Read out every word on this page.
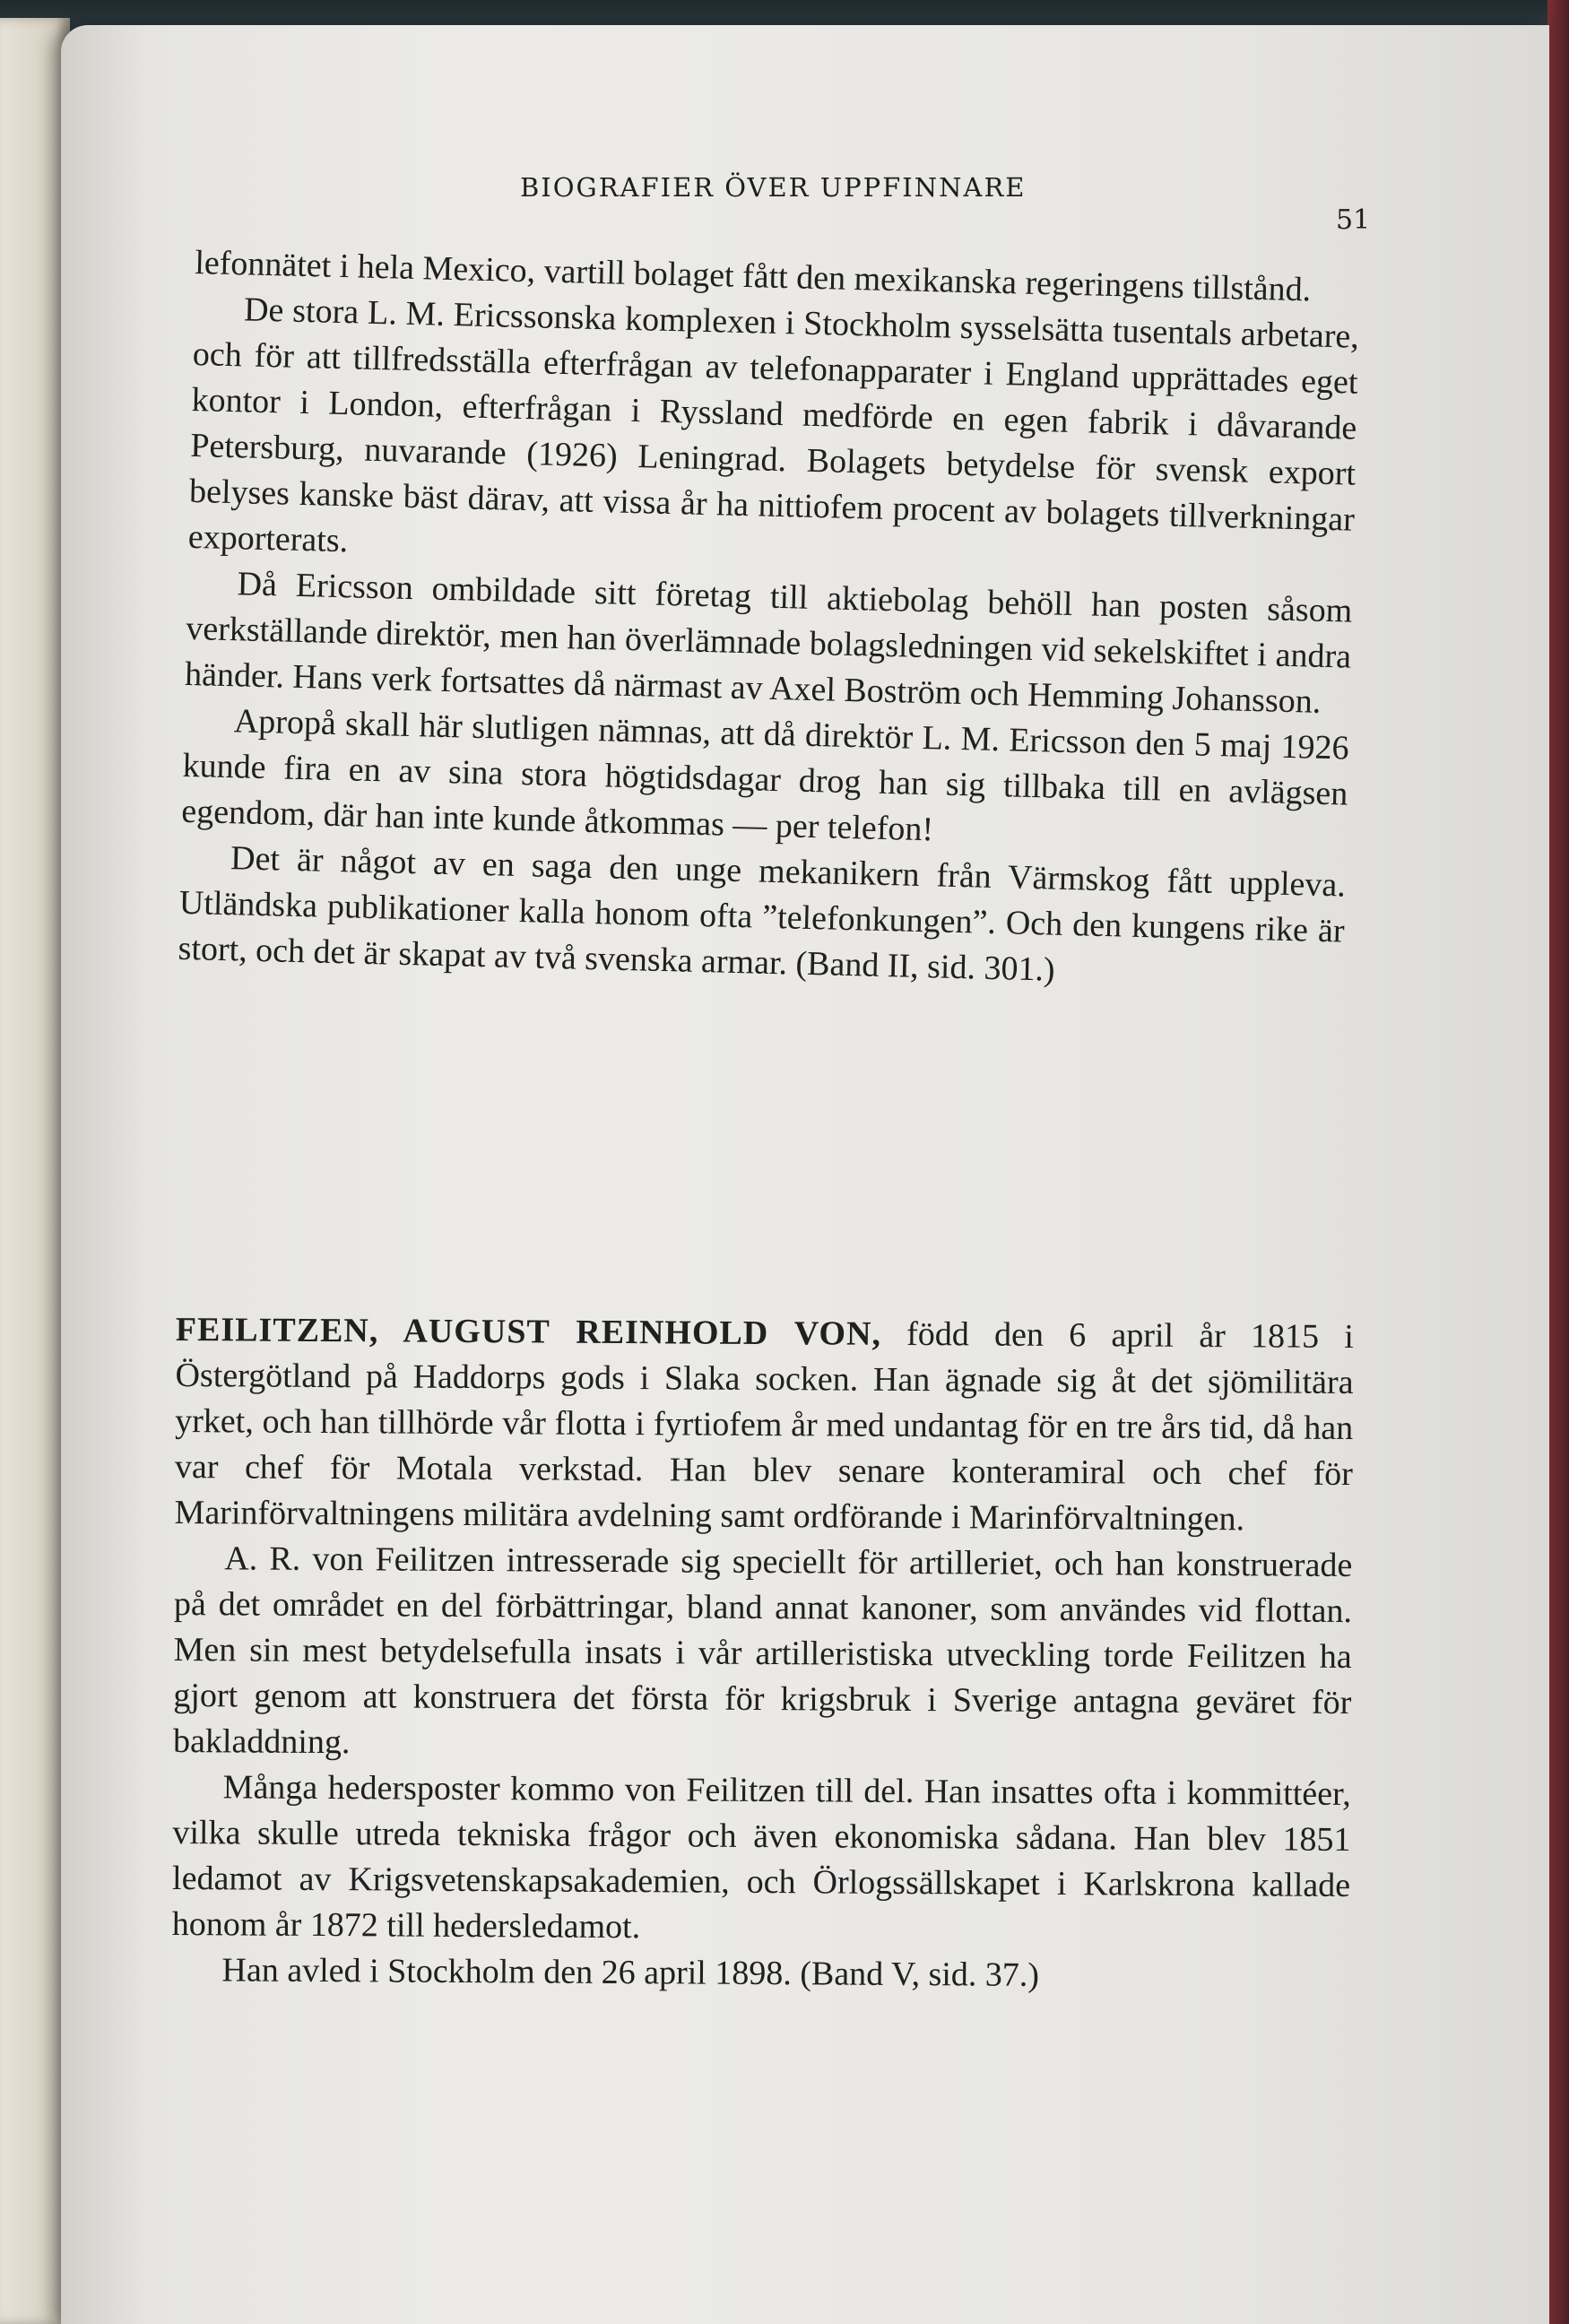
BIOGRAFIER ÖVER UPPFINNARE
51

lefonnätet i hela Mexico, vartill bolaget fått den mexikanska regeringens tillstånd.

De stora L. M. Ericssonska komplexen i Stockholm sysselsätta tusentals arbetare, och för att tillfredsställa efterfrågan av telefonapparater i England upprättades eget kontor i London, efterfrågan i Ryssland medförde en egen fabrik i dåvarande Petersburg, nuvarande (1926) Leningrad. Bolagets betydelse för svensk export belyses kanske bäst därav, att vissa år ha nittiofem procent av bolagets tillverkningar exporterats.

Då Ericsson ombildade sitt företag till aktiebolag behöll han posten såsom verkställande direktör, men han överlämnade bolagsledningen vid sekelskiftet i andra händer. Hans verk fortsattes då närmast av Axel Boström och Hemming Johansson.

Apropå skall här slutligen nämnas, att då direktör L. M. Ericsson den 5 maj 1926 kunde fira en av sina stora högtidsdagar drog han sig tillbaka till en avlägsen egendom, där han inte kunde åtkommas — per telefon!

Det är något av en saga den unge mekanikern från Värmskog fått uppleva. Utländska publikationer kalla honom ofta ”telefonkungen”. Och den kungens rike är stort, och det är skapat av två svenska armar. (Band II, sid. 301.)

FEILITZEN, AUGUST REINHOLD VON, född den 6 april år 1815 i Östergötland på Haddorps gods i Slaka socken. Han ägnade sig åt det sjömilitära yrket, och han tillhörde vår flotta i fyrtiofem år med undantag för en tre års tid, då han var chef för Motala verkstad. Han blev senare konteramiral och chef för Marinförvaltningens militära avdelning samt ordförande i Marinförvaltningen.

A. R. von Feilitzen intresserade sig speciellt för artilleriet, och han konstruerade på det området en del förbättringar, bland annat kanoner, som användes vid flottan. Men sin mest betydelsefulla insats i vår artilleristiska utveckling torde Feilitzen ha gjort genom att konstruera det första för krigsbruk i Sverige antagna geväret för bakladdning.

Många hedersposter kommo von Feilitzen till del. Han insattes ofta i kommittéer, vilka skulle utreda tekniska frågor och även ekonomiska sådana. Han blev 1851 ledamot av Krigsvetenskapsakademien, och Örlogssällskapet i Karlskrona kallade honom år 1872 till hedersledamot.

Han avled i Stockholm den 26 april 1898. (Band V, sid. 37.)
